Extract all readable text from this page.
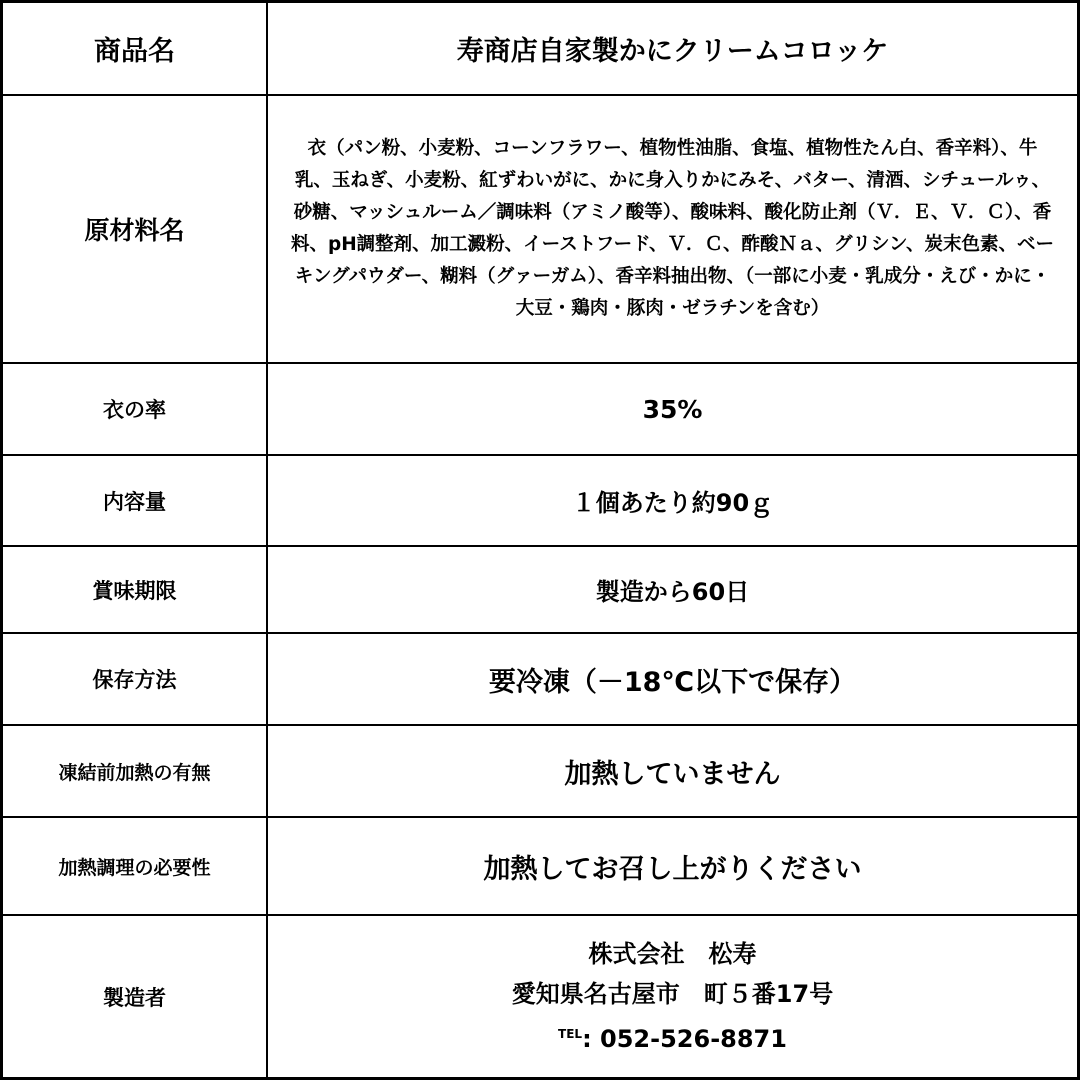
商品名	寿商店自家製かにクリームコロッケ
原材料名	衣（パン粉、小麦粉、コーンフラワー、植物性油脂、食塩、植物性たん白、香辛料）、牛乳、玉ねぎ、小麦粉、紅ずわいがに、かに身入りかにみそ、バター、清酒、シチュールゥ、砂糖、マッシュルーム／調味料（アミノ酸等）、酸味料、酸化防止剤（Ｖ．Ｅ、Ｖ．Ｃ）、香料、pH調整剤、加工澱粉、イーストフード、Ｖ．Ｃ、酢酸Ｎａ、グリシン、炭末色素、ベーキングパウダー、糊料（グァーガム）、香辛料抽出物、（一部に小麦・乳成分・えび・かに・大豆・鶏肉・豚肉・ゼラチンを含む）

衣の率	35%
内容量	１個あたり約90ｇ
賞味期限	製造から60日
保存方法	要冷凍（－18℃以下で保存）
凍結前加熱の有無	加熱していません
加熱調理の必要性	加熱してお召し上がりください
製造者	株式会社　松寿
愛知県名古屋市　町５番17号
$^{TEL}$: 052-526-8871
